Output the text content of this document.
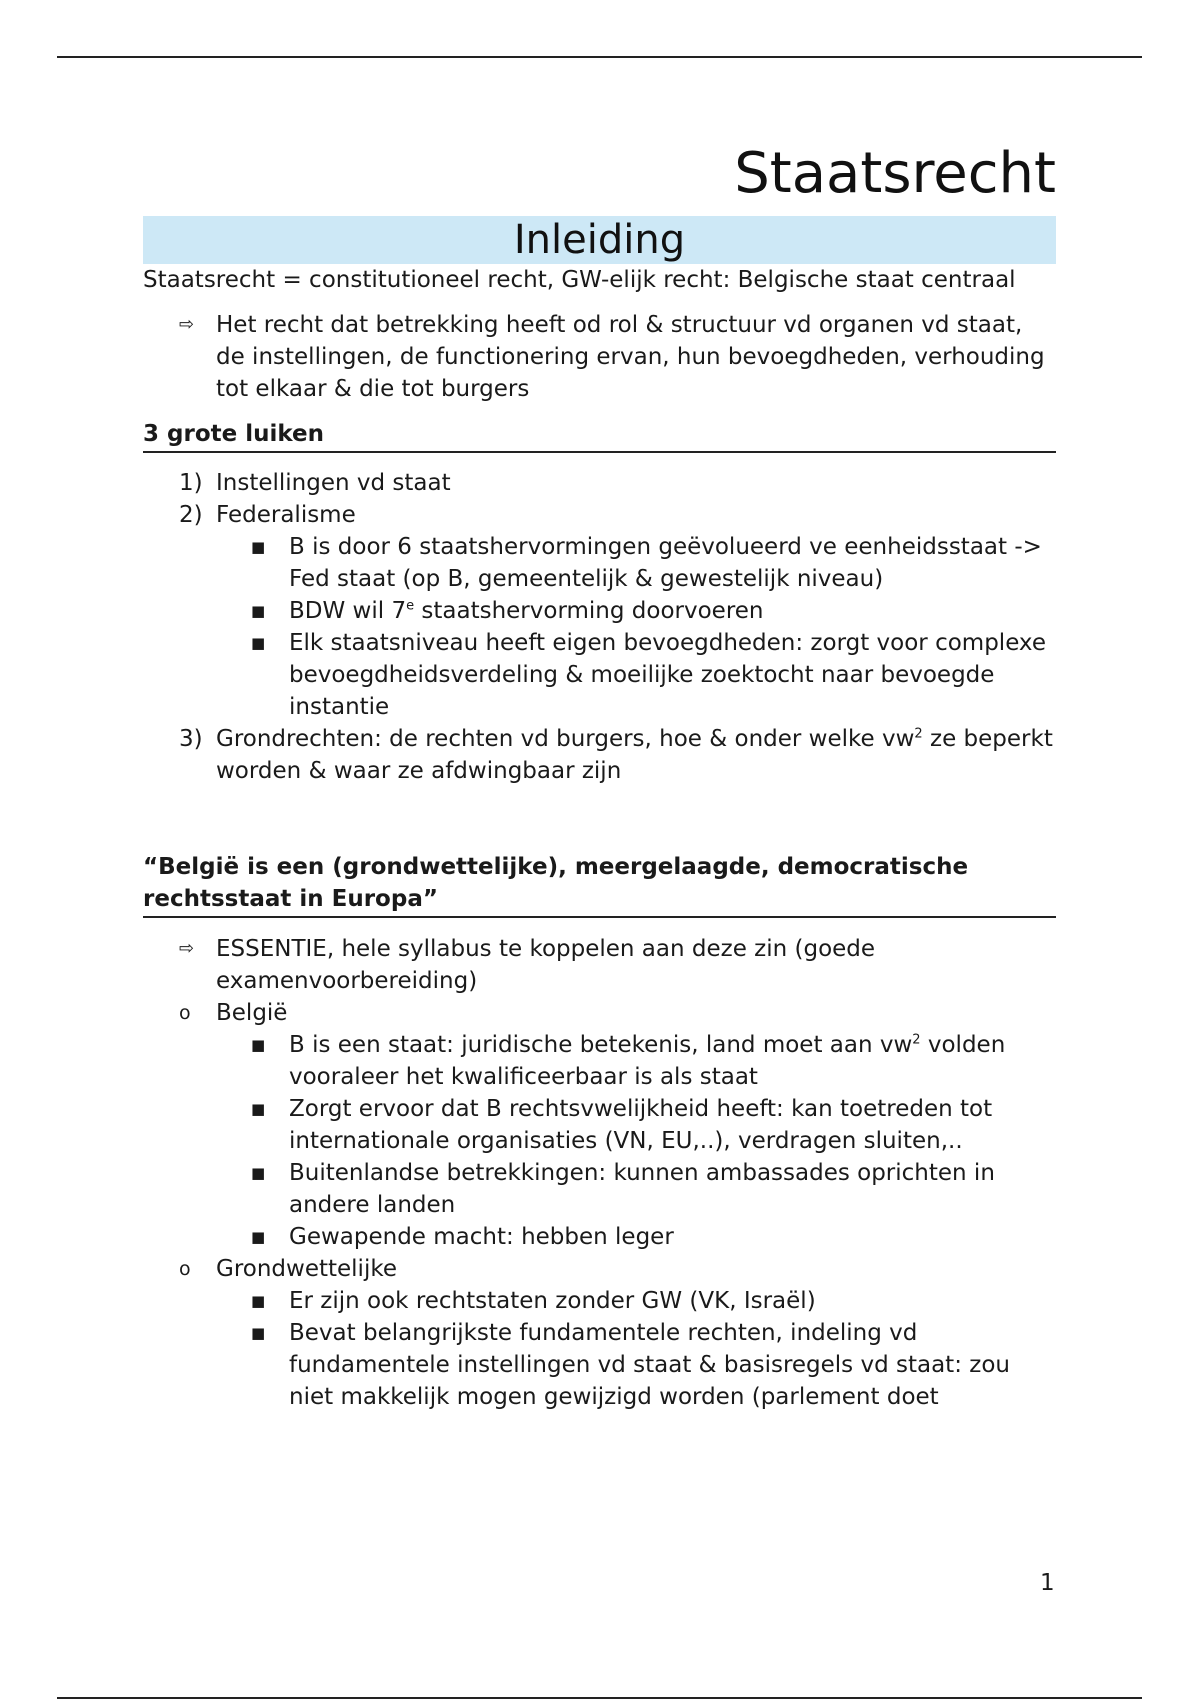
Staatsrecht
Inleiding

Staatsrecht = constitutioneel recht, GW-elijk recht: Belgische staat centraal

⇨ Het recht dat betrekking heeft od rol & structuur vd organen vd staat, de instellingen, de functionering ervan, hun bevoegdheden, verhouding tot elkaar & die tot burgers
3 grote luiken
1) Instellingen vd staat
2) Federalisme
■ B is door 6 staatshervormingen geëvolueerd ve eenheidsstaat -> Fed staat (op B, gemeentelijk & gewestelijk niveau)
■ BDW wil 7e staatshervorming doorvoeren
■ Elk staatsniveau heeft eigen bevoegdheden: zorgt voor complexe bevoegdheidsverdeling & moeilijke zoektocht naar bevoegde instantie
3) Grondrechten: de rechten vd burgers, hoe & onder welke $vw^2$ ze beperkt worden & waar ze afdwingbaar zijn
“België is een (grondwettelijke), meergelaagde, democratische rechtsstaat in Europa”
⇨ ESSENTIE, hele syllabus te koppelen aan deze zin (goede examenvoorbereiding)
o België
■ B is een staat: juridische betekenis, land moet aan $vw^2$ volden vooraleer het kwalificeerbaar is als staat
■ Zorgt ervoor dat B rechtsvwelijkheid heeft: kan toetreden tot internationale organisaties (VN, EU,..), verdragen sluiten,..
■ Buitenlandse betrekkingen: kunnen ambassades oprichten in andere landen
■ Gewapende macht: hebben leger
o Grondwettelijke
■ Er zijn ook rechtstaten zonder GW (VK, Israël)
■ Bevat belangrijkste fundamentele rechten, indeling vd fundamentele instellingen vd staat & basisregels vd staat: zou niet makkelijk mogen gewijzigd worden (parlement doet
1
